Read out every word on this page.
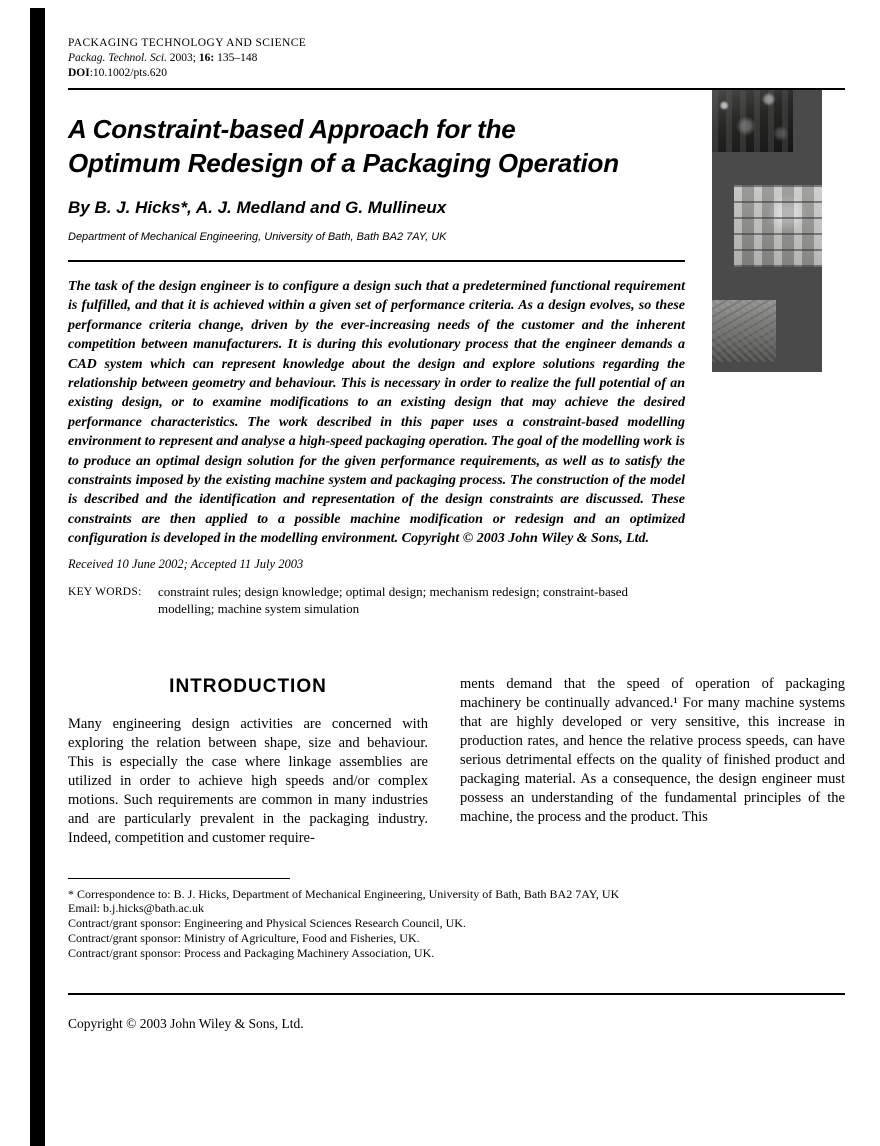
PACKAGING TECHNOLOGY AND SCIENCE
Packag. Technol. Sci. 2003; 16: 135–148
DOI:10.1002/pts.620
A Constraint-based Approach for the
Optimum Redesign of a Packaging Operation
By B. J. Hicks*, A. J. Medland and G. Mullineux
Department of Mechanical Engineering, University of Bath, Bath BA2 7AY, UK

The task of the design engineer is to configure a design such that a predetermined functional requirement is fulfilled, and that it is achieved within a given set of performance criteria. As a design evolves, so these performance criteria change, driven by the ever-increasing needs of the customer and the inherent competition between manufacturers. It is during this evolutionary process that the engineer demands a CAD system which can represent knowledge about the design and explore solutions regarding the relationship between geometry and behaviour. This is necessary in order to realize the full potential of an existing design, or to examine modifications to an existing design that may achieve the desired performance characteristics. The work described in this paper uses a constraint-based modelling environment to represent and analyse a high-speed packaging operation. The goal of the modelling work is to produce an optimal design solution for the given performance requirements, as well as to satisfy the constraints imposed by the existing machine system and packaging process. The construction of the model is described and the identification and representation of the design constraints are discussed. These constraints are then applied to a possible machine modification or redesign and an optimized configuration is developed in the modelling environment. Copyright © 2003 John Wiley & Sons, Ltd.

Received 10 June 2002; Accepted 11 July 2003
KEY WORDS:	constraint rules; design knowledge; optimal design; mechanism redesign; constraint-based modelling; machine system simulation
INTRODUCTION

Many engineering design activities are concerned with exploring the relation between shape, size and behaviour. This is especially the case where linkage assemblies are utilized in order to achieve high speeds and/or complex motions. Such requirements are common in many industries and are particularly prevalent in the packaging industry. Indeed, competition and customer require-

ments demand that the speed of operation of packaging machinery be continually advanced.¹ For many machine systems that are highly developed or very sensitive, this increase in production rates, and hence the relative process speeds, can have serious detrimental effects on the quality of finished product and packaging material. As a consequence, the design engineer must possess an understanding of the fundamental principles of the machine, the process and the product. This

* Correspondence to: B. J. Hicks, Department of Mechanical Engineering, University of Bath, Bath BA2 7AY, UK
Email: b.j.hicks@bath.ac.uk
Contract/grant sponsor: Engineering and Physical Sciences Research Council, UK.
Contract/grant sponsor: Ministry of Agriculture, Food and Fisheries, UK.
Contract/grant sponsor: Process and Packaging Machinery Association, UK.
Copyright © 2003 John Wiley & Sons, Ltd.
